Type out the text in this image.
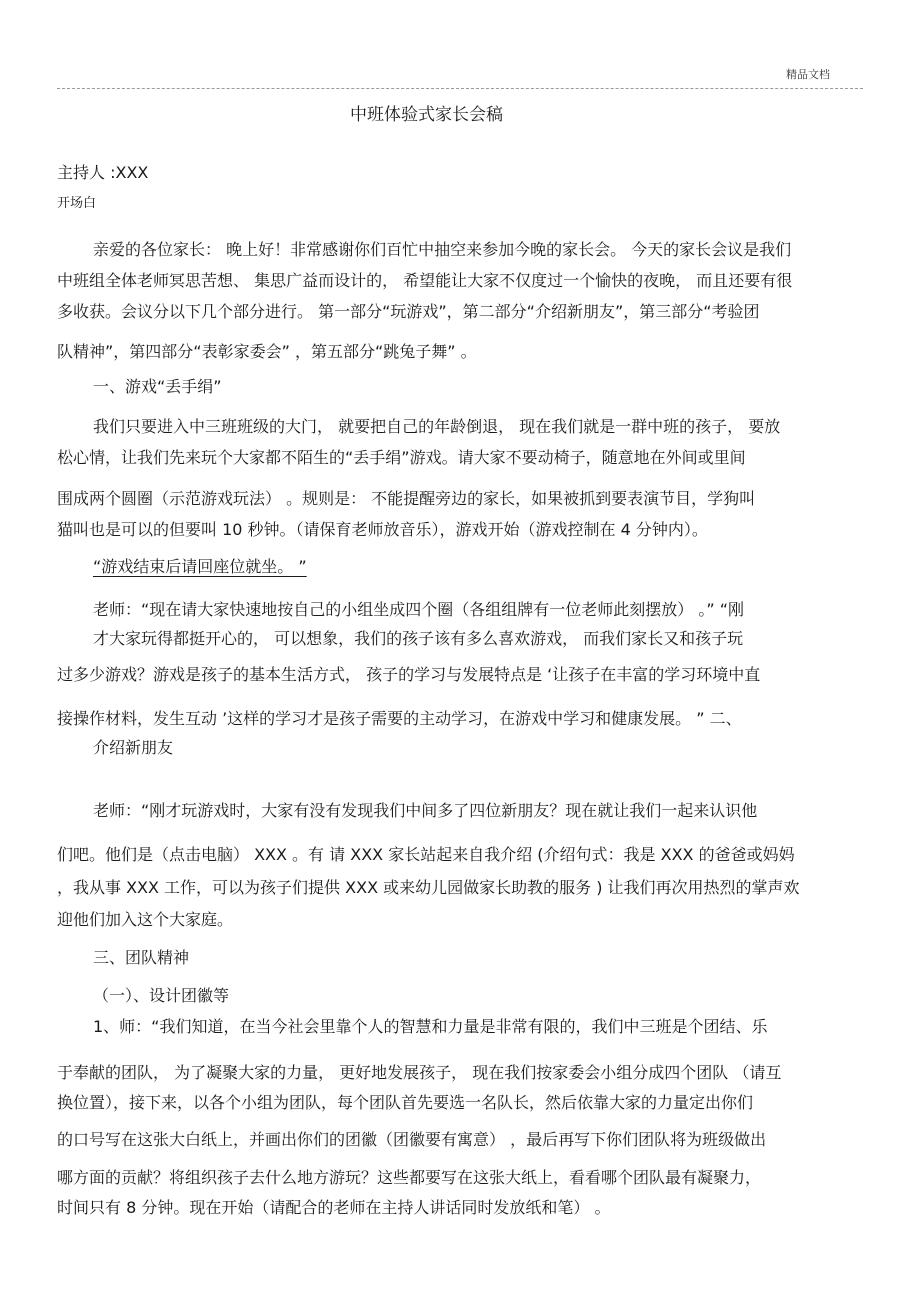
精品文档
中班体验式家长会稿
主持人 :XXX
开场白
亲爱的各位家长： 晚上好！非常感谢你们百忙中抽空来参加今晚的家长会。 今天的家长会议是我们
中班组全体老师冥思苦想、 集思广益而设计的， 希望能让大家不仅度过一个愉快的夜晚， 而且还要有很
多收获。会议分以下几个部分进行。 第一部分“玩游戏”，第二部分“介绍新朋友”，第三部分“考验团
队精神”，第四部分“表彰家委会” ，第五部分“跳兔子舞” 。
一、游戏“丢手绢”
我们只要进入中三班班级的大门， 就要把自己的年龄倒退， 现在我们就是一群中班的孩子， 要放
松心情，让我们先来玩个大家都不陌生的“丢手绢”游戏。请大家不要动椅子，随意地在外间或里间
围成两个圆圈（示范游戏玩法） 。规则是： 不能提醒旁边的家长，如果被抓到要表演节目，学狗叫
猫叫也是可以的但要叫 10 秒钟。（请保育老师放音乐），游戏开始（游戏控制在 4 分钟内）。
“游戏结束后请回座位就坐。 ”
老师：“现在请大家快速地按自己的小组坐成四个圈（各组组牌有一位老师此刻摆放） 。” “刚
才大家玩得都挺开心的， 可以想象，我们的孩子该有多么喜欢游戏， 而我们家长又和孩子玩
过多少游戏？游戏是孩子的基本生活方式， 孩子的学习与发展特点是 ‘让孩子在丰富的学习环境中直
接操作材料，发生互动 ’这样的学习才是孩子需要的主动学习，在游戏中学习和健康发展。 ” 二、
介绍新朋友
老师：“刚才玩游戏时，大家有没有发现我们中间多了四位新朋友？现在就让我们一起来认识他
们吧。他们是（点击电脑） XXX 。有 请 XXX 家长站起来自我介绍 (介绍句式：我是 XXX 的爸爸或妈妈
，我从事 XXX 工作，可以为孩子们提供 XXX 或来幼儿园做家长助教的服务 ) 让我们再次用热烈的掌声欢
迎他们加入这个大家庭。
三、团队精神
（一）、设计团徽等
1、师：“我们知道，在当今社会里靠个人的智慧和力量是非常有限的，我们中三班是个团结、乐
于奉献的团队， 为了凝聚大家的力量， 更好地发展孩子， 现在我们按家委会小组分成四个团队 （请互
换位置），接下来，以各个小组为团队，每个团队首先要选一名队长，然后依靠大家的力量定出你们
的口号写在这张大白纸上，并画出你们的团徽（团徽要有寓意） ，最后再写下你们团队将为班级做出
哪方面的贡献？将组织孩子去什么地方游玩？这些都要写在这张大纸上，看看哪个团队最有凝聚力，
时间只有 8 分钟。现在开始（请配合的老师在主持人讲话同时发放纸和笔） 。
